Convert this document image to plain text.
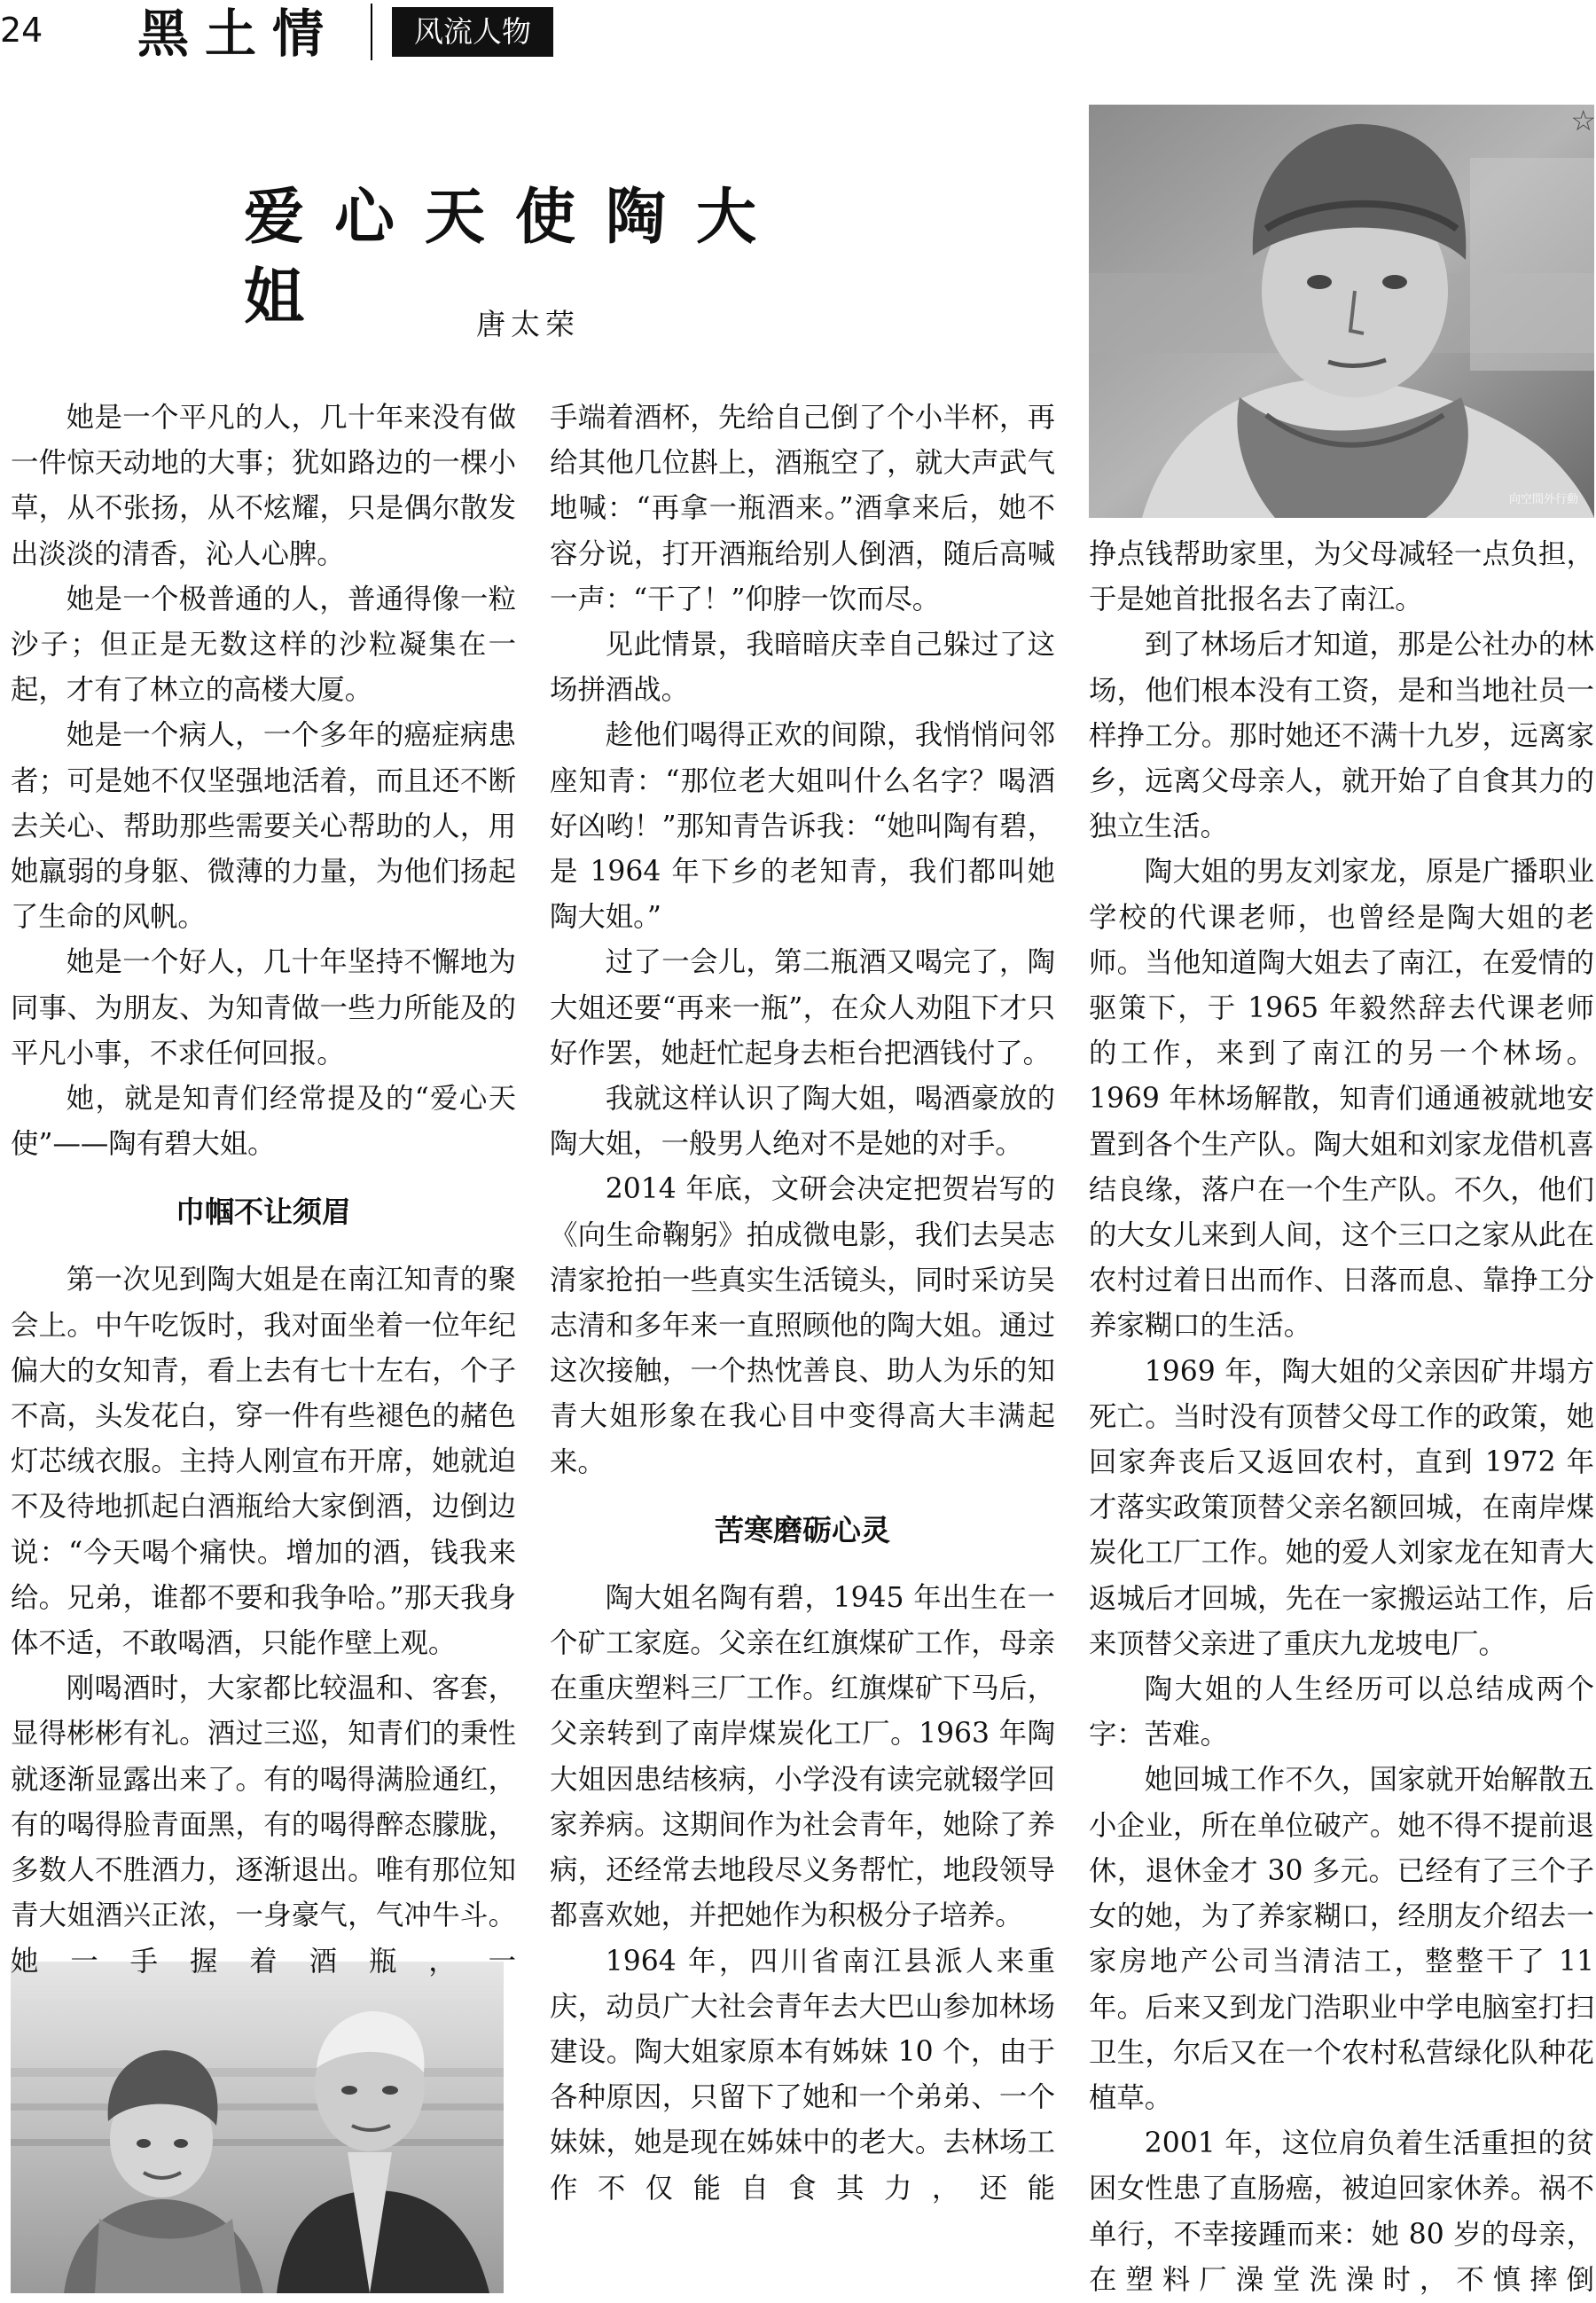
24 黑土情	风流人物
爱心天使陶大姐	唐太荣
向空間外行動
☆

她是一个平凡的人，几十年来没有做一件惊天动地的大事；犹如路边的一棵小草，从不张扬，从不炫耀，只是偶尔散发出淡淡的清香，沁人心脾。

她是一个极普通的人，普通得像一粒沙子；但正是无数这样的沙粒凝集在一起，才有了林立的高楼大厦。

她是一个病人，一个多年的癌症病患者；可是她不仅坚强地活着，而且还不断去关心、帮助那些需要关心帮助的人，用她羸弱的身躯、微薄的力量，为他们扬起了生命的风帆。

她是一个好人，几十年坚持不懈地为同事、为朋友、为知青做一些力所能及的平凡小事，不求任何回报。

她，就是知青们经常提及的“爱心天使”——陶有碧大姐。

巾帼不让须眉

第一次见到陶大姐是在南江知青的聚会上。中午吃饭时，我对面坐着一位年纪偏大的女知青，看上去有七十左右，个子不高，头发花白，穿一件有些褪色的赭色灯芯绒衣服。主持人刚宣布开席，她就迫不及待地抓起白酒瓶给大家倒酒，边倒边说：“今天喝个痛快。增加的酒，钱我来给。兄弟，谁都不要和我争哈。”那天我身体不适，不敢喝酒，只能作壁上观。

刚喝酒时，大家都比较温和、客套，显得彬彬有礼。酒过三巡，知青们的秉性就逐渐显露出来了。有的喝得满脸通红，有的喝得脸青面黑，有的喝得醉态朦胧，多数人不胜酒力，逐渐退出。唯有那位知青大姐酒兴正浓，一身豪气，气冲牛斗。她一手握着酒瓶，一

手端着酒杯，先给自己倒了个小半杯，再给其他几位斟上，酒瓶空了，就大声武气地喊：“再拿一瓶酒来。”酒拿来后，她不容分说，打开酒瓶给别人倒酒，随后高喊一声：“干了！”仰脖一饮而尽。

见此情景，我暗暗庆幸自己躲过了这场拼酒战。

趁他们喝得正欢的间隙，我悄悄问邻座知青：“那位老大姐叫什么名字？喝酒好凶哟！”那知青告诉我：“她叫陶有碧，是 1964 年下乡的老知青，我们都叫她陶大姐。”

过了一会儿，第二瓶酒又喝完了，陶大姐还要“再来一瓶”，在众人劝阻下才只好作罢，她赶忙起身去柜台把酒钱付了。

我就这样认识了陶大姐，喝酒豪放的陶大姐，一般男人绝对不是她的对手。

2014 年底，文研会决定把贺岩写的《向生命鞠躬》拍成微电影，我们去吴志清家抢拍一些真实生活镜头，同时采访吴志清和多年来一直照顾他的陶大姐。通过这次接触，一个热忱善良、助人为乐的知青大姐形象在我心目中变得高大丰满起来。

苦寒磨砺心灵

陶大姐名陶有碧，1945 年出生在一个矿工家庭。父亲在红旗煤矿工作，母亲在重庆塑料三厂工作。红旗煤矿下马后，父亲转到了南岸煤炭化工厂。1963 年陶大姐因患结核病，小学没有读完就辍学回家养病。这期间作为社会青年，她除了养病，还经常去地段尽义务帮忙，地段领导都喜欢她，并把她作为积极分子培养。

1964 年，四川省南江县派人来重庆，动员广大社会青年去大巴山参加林场建设。陶大姐家原本有姊妹 10 个，由于各种原因，只留下了她和一个弟弟、一个妹妹，她是现在姊妹中的老大。去林场工作不仅能自食其力，还能

挣点钱帮助家里，为父母减轻一点负担，于是她首批报名去了南江。

到了林场后才知道，那是公社办的林场，他们根本没有工资，是和当地社员一样挣工分。那时她还不满十九岁，远离家乡，远离父母亲人，就开始了自食其力的独立生活。

陶大姐的男友刘家龙，原是广播职业学校的代课老师，也曾经是陶大姐的老师。当他知道陶大姐去了南江，在爱情的驱策下，于 1965 年毅然辞去代课老师的工作，来到了南江的另一个林场。1969 年林场解散，知青们通通被就地安置到各个生产队。陶大姐和刘家龙借机喜结良缘，落户在一个生产队。不久，他们的大女儿来到人间，这个三口之家从此在农村过着日出而作、日落而息、靠挣工分养家糊口的生活。

1969 年，陶大姐的父亲因矿井塌方死亡。当时没有顶替父母工作的政策，她回家奔丧后又返回农村，直到 1972 年才落实政策顶替父亲名额回城，在南岸煤炭化工厂工作。她的爱人刘家龙在知青大返城后才回城，先在一家搬运站工作，后来顶替父亲进了重庆九龙坡电厂。

陶大姐的人生经历可以总结成两个字：苦难。

她回城工作不久，国家就开始解散五小企业，所在单位破产。她不得不提前退休，退休金才 30 多元。已经有了三个子女的她，为了养家糊口，经朋友介绍去一家房地产公司当清洁工，整整干了 11 年。后来又到龙门浩职业中学电脑室打扫卫生，尔后又在一个农村私营绿化队种花植草。

2001 年，这位肩负着生活重担的贫困女性患了直肠癌，被迫回家休养。祸不单行，不幸接踵而来：她 80 岁的母亲，在塑料厂澡堂洗澡时，不慎摔倒
